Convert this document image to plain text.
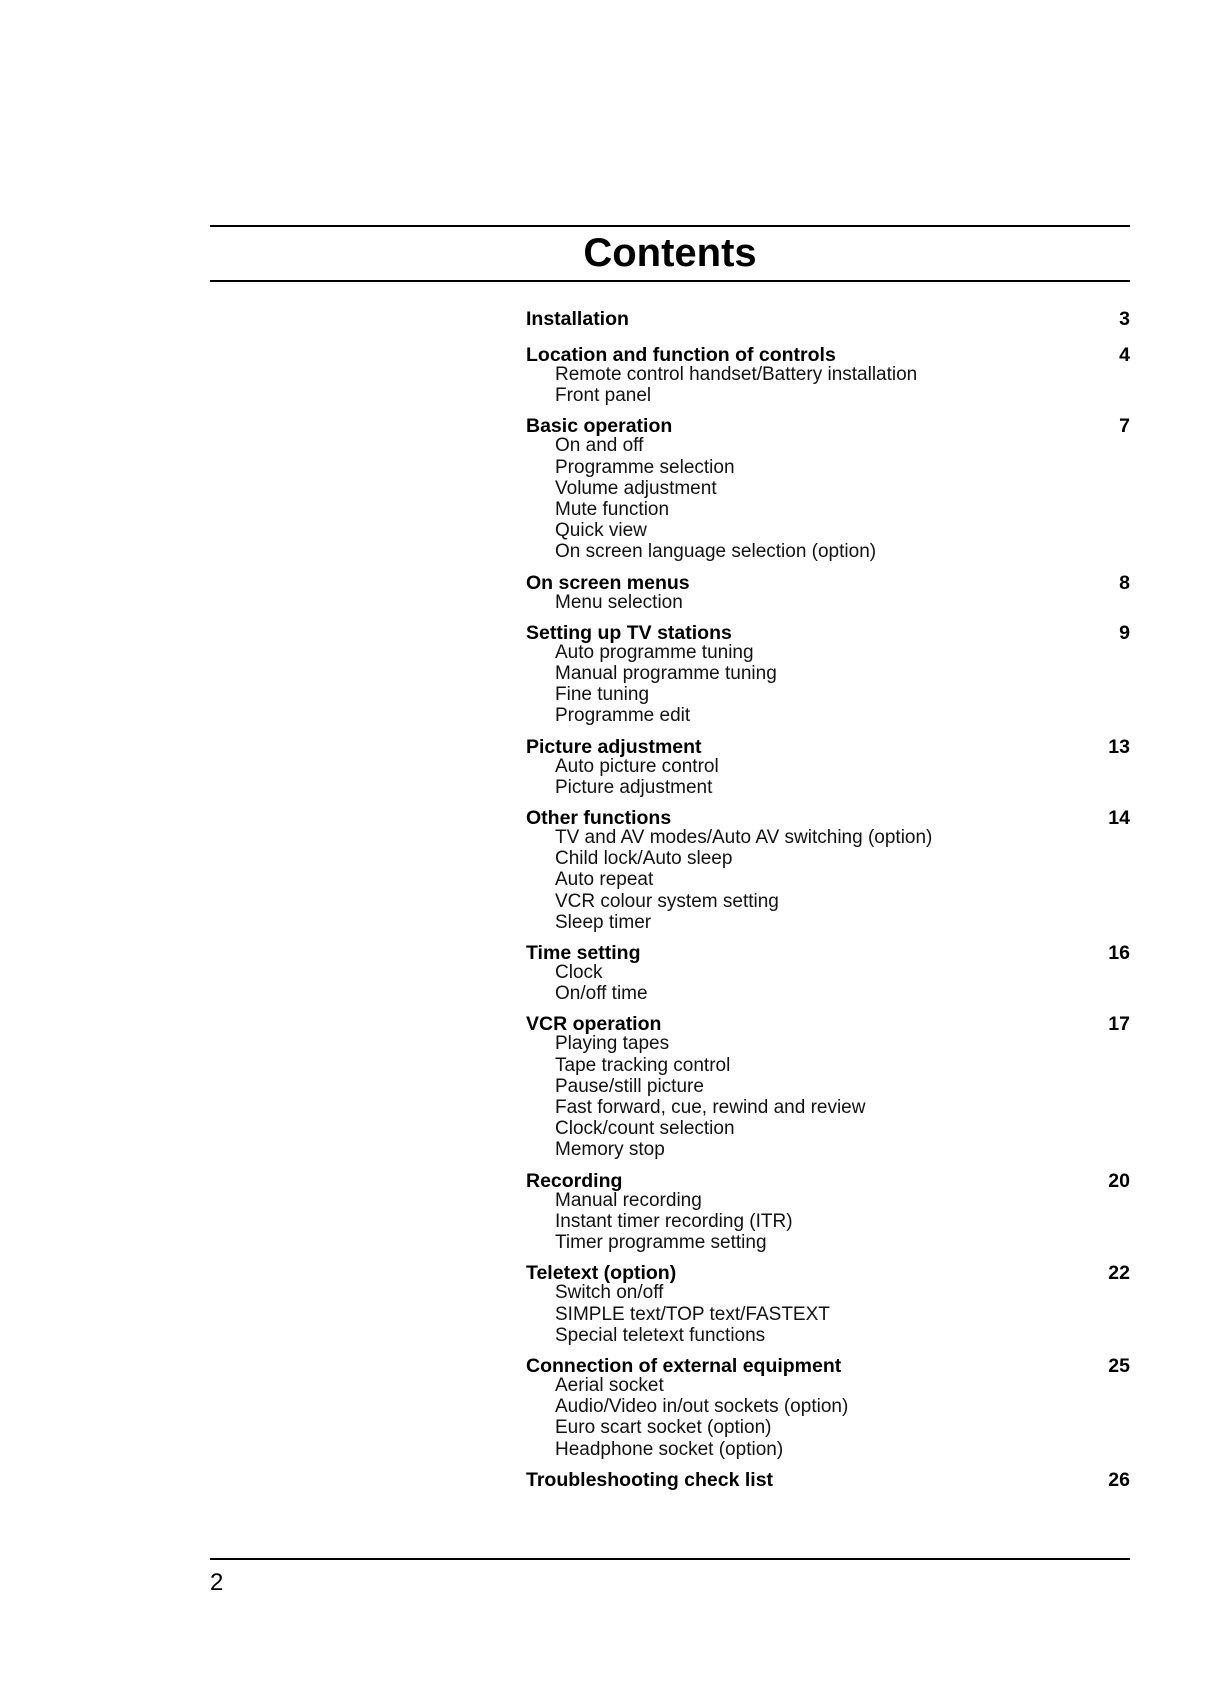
Contents
Installation	3
Location and function of controls	4
Remote control handset/Battery installation
Front panel
Basic operation	7
On and off
Programme selection
Volume adjustment
Mute function
Quick view
On screen language selection (option)
On screen menus	8
Menu selection
Setting up TV stations	9
Auto programme tuning
Manual programme tuning
Fine tuning
Programme edit
Picture adjustment	13
Auto picture control
Picture adjustment
Other functions	14
TV and AV modes/Auto AV switching (option)
Child lock/Auto sleep
Auto repeat
VCR colour system setting
Sleep timer
Time setting	16
Clock
On/off time
VCR operation	17
Playing tapes
Tape tracking control
Pause/still picture
Fast forward, cue, rewind and review
Clock/count selection
Memory stop
Recording	20
Manual recording
Instant timer recording (ITR)
Timer programme setting
Teletext (option)	22
Switch on/off
SIMPLE text/TOP text/FASTEXT
Special teletext functions
Connection of external equipment	25
Aerial socket
Audio/Video in/out sockets (option)
Euro scart socket (option)
Headphone socket (option)
Troubleshooting check list	26
2
